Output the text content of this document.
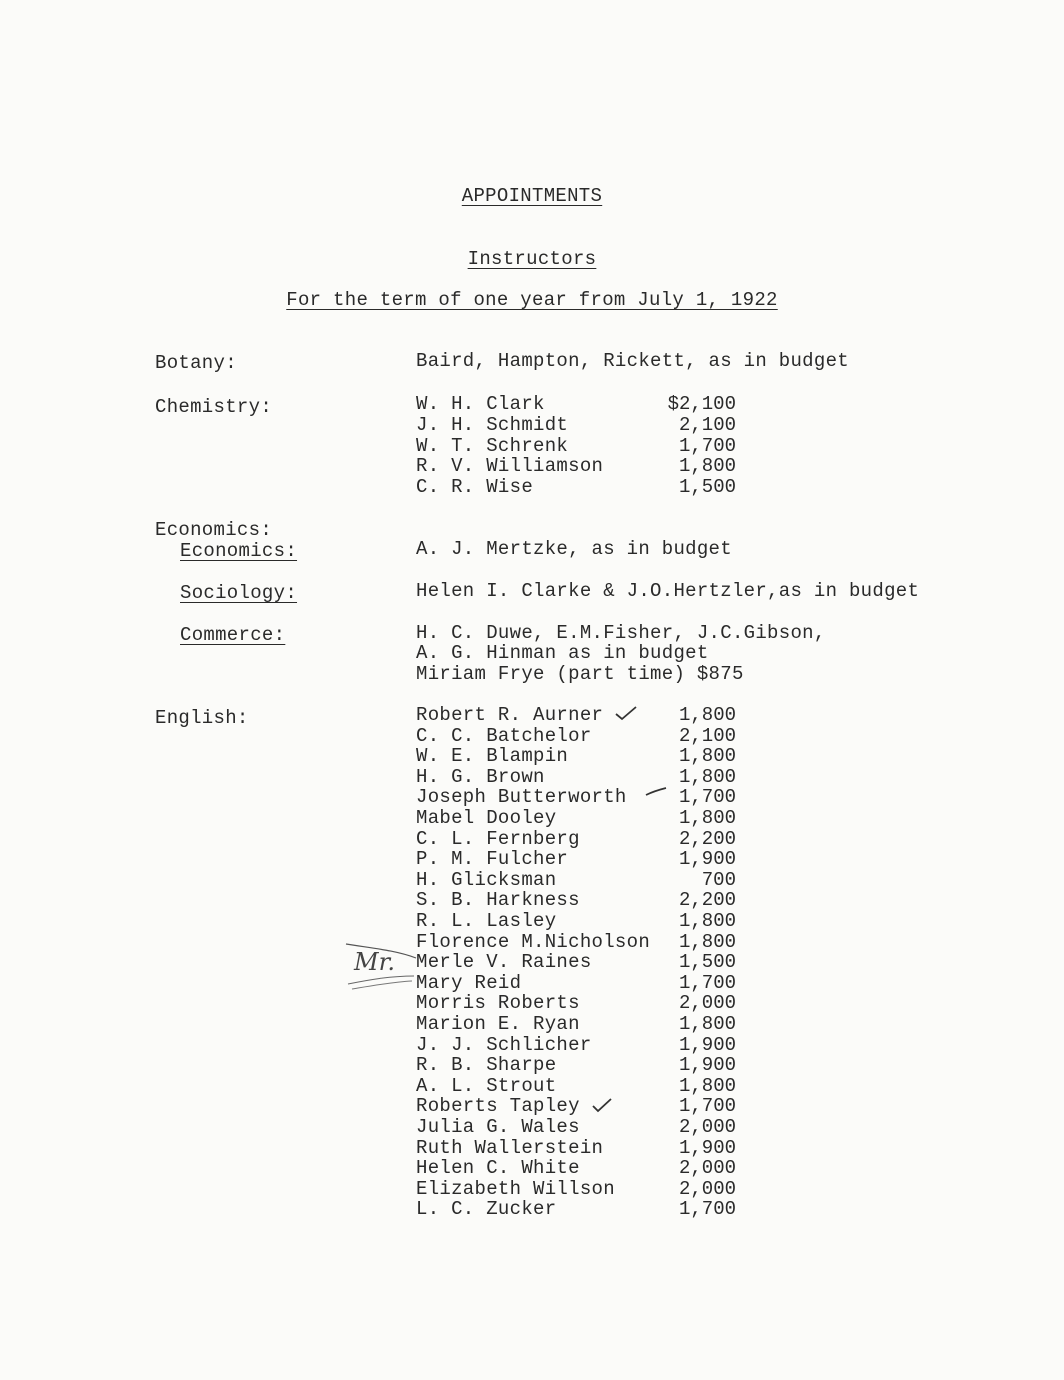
APPOINTMENTS
Instructors
For the term of one year from July 1, 1922
Botany:	Baird, Hampton, Rickett, as in budget
Chemistry:	W. H. Clark	$2,100
J. H. Schmidt	2,100
W. T. Schrenk	1,700
R. V. Williamson	1,800
C. R. Wise	1,500
Economics:
Economics:	A. J. Mertzke, as in budget
Sociology:	Helen I. Clarke & J.O.Hertzler,as in budget
Commerce:	H. C. Duwe, E.M.Fisher, J.C.Gibson,
A. G. Hinman as in budget
Miriam Frye (part time) $875
English:	Robert R. Aurner	1,800
C. C. Batchelor	2,100
W. E. Blampin	1,800
H. G. Brown	1,800
Joseph Butterworth	1,700
Mabel Dooley	1,800
C. L. Fernberg	2,200
P. M. Fulcher	1,900
H. Glicksman	700
S. B. Harkness	2,200
R. L. Lasley	1,800
Florence M.Nicholson	1,800
Merle V. Raines	1,500
Mary Reid	1,700
Morris Roberts	2,000
Marion E. Ryan	1,800
J. J. Schlicher	1,900
R. B. Sharpe	1,900
A. L. Strout	1,800
Roberts Tapley	1,700
Julia G. Wales	2,000
Ruth Wallerstein	1,900
Helen C. White	2,000
Elizabeth Willson	2,000
L. C. Zucker	1,700
Mr.
